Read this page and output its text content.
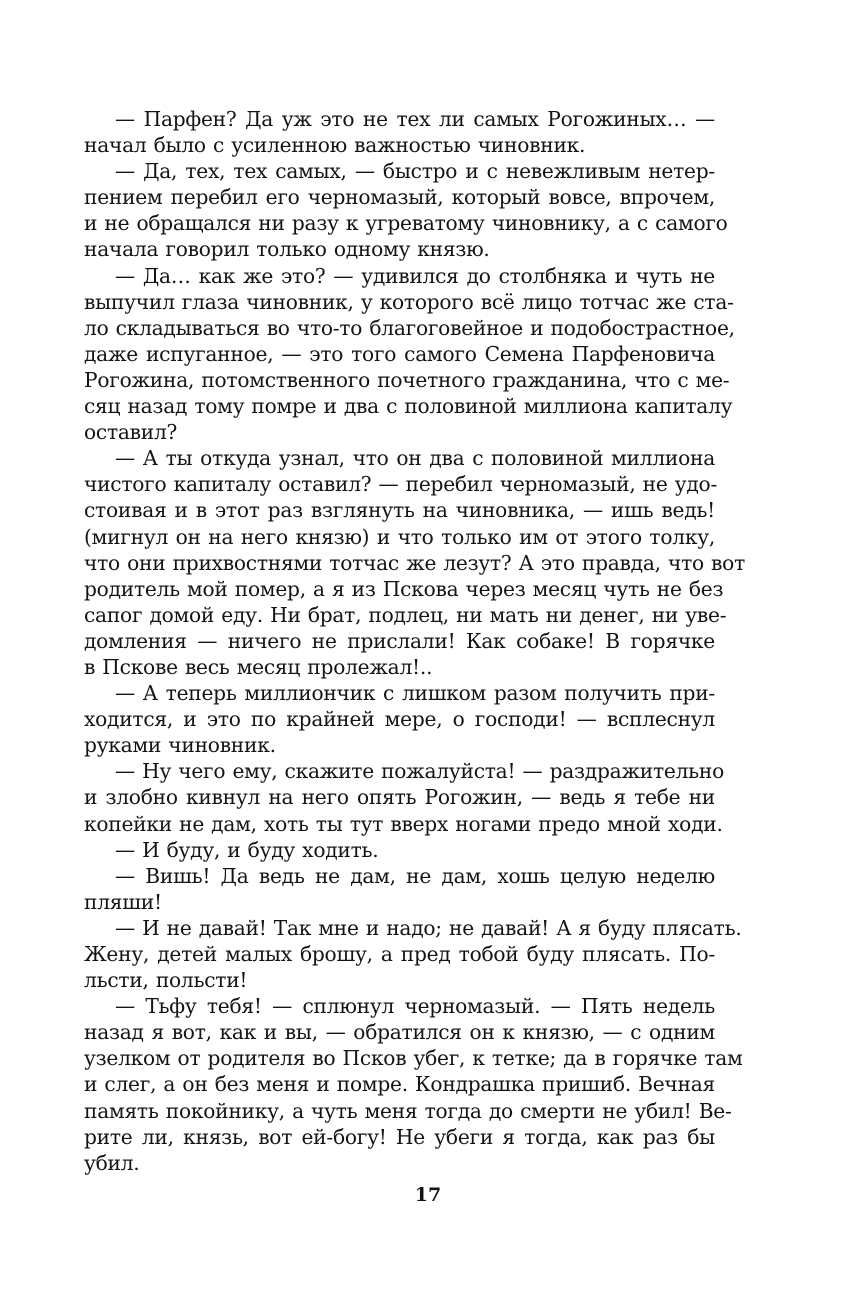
— Парфен? Да уж это не тех ли самых Рогожиных… —
начал было с усиленною важностью чиновник.
— Да, тех, тех самых, — быстро и с невежливым нетер-
пением перебил его черномазый, который вовсе, впрочем,
и не обращался ни разу к угреватому чиновнику, а с самого
начала говорил только одному князю.
— Да… как же это? — удивился до столбняка и чуть не
выпучил глаза чиновник, у которого всё лицо тотчас же ста-
ло складываться во что-то благоговейное и подобострастное,
даже испуганное, — это того самого Семена Парфеновича
Рогожина, потомственного почетного гражданина, что с ме-
сяц назад тому помре и два с половиной миллиона капиталу
оставил?
— А ты откуда узнал, что он два с половиной миллиона
чистого капиталу оставил? — перебил черномазый, не удо-
стоивая и в этот раз взглянуть на чиновника, — ишь ведь!
(мигнул он на него князю) и что только им от этого толку,
что они прихвостнями тотчас же лезут? А это правда, что вот
родитель мой помер, а я из Пскова через месяц чуть не без
сапог домой еду. Ни брат, подлец, ни мать ни денег, ни уве-
домления — ничего не прислали! Как собаке! В горячке
в Пскове весь месяц пролежал!..
— А теперь миллиончик с лишком разом получить при-
ходится, и это по крайней мере, о господи! — всплеснул
руками чиновник.
— Ну чего ему, скажите пожалуйста! — раздражительно
и злобно кивнул на него опять Рогожин, — ведь я тебе ни
копейки не дам, хоть ты тут вверх ногами предо мной ходи.
— И буду, и буду ходить.
— Вишь! Да ведь не дам, не дам, хошь целую неделю
пляши!
— И не давай! Так мне и надо; не давай! А я буду плясать.
Жену, детей малых брошу, а пред тобой буду плясать. По-
льсти, польсти!
— Тьфу тебя! — сплюнул черномазый. — Пять недель
назад я вот, как и вы, — обратился он к князю, — с одним
узелком от родителя во Псков убег, к тетке; да в горячке там
и слег, а он без меня и помре. Кондрашка пришиб. Вечная
память покойнику, а чуть меня тогда до смерти не убил! Ве-
рите ли, князь, вот ей-богу! Не убеги я тогда, как раз бы
убил.
17
